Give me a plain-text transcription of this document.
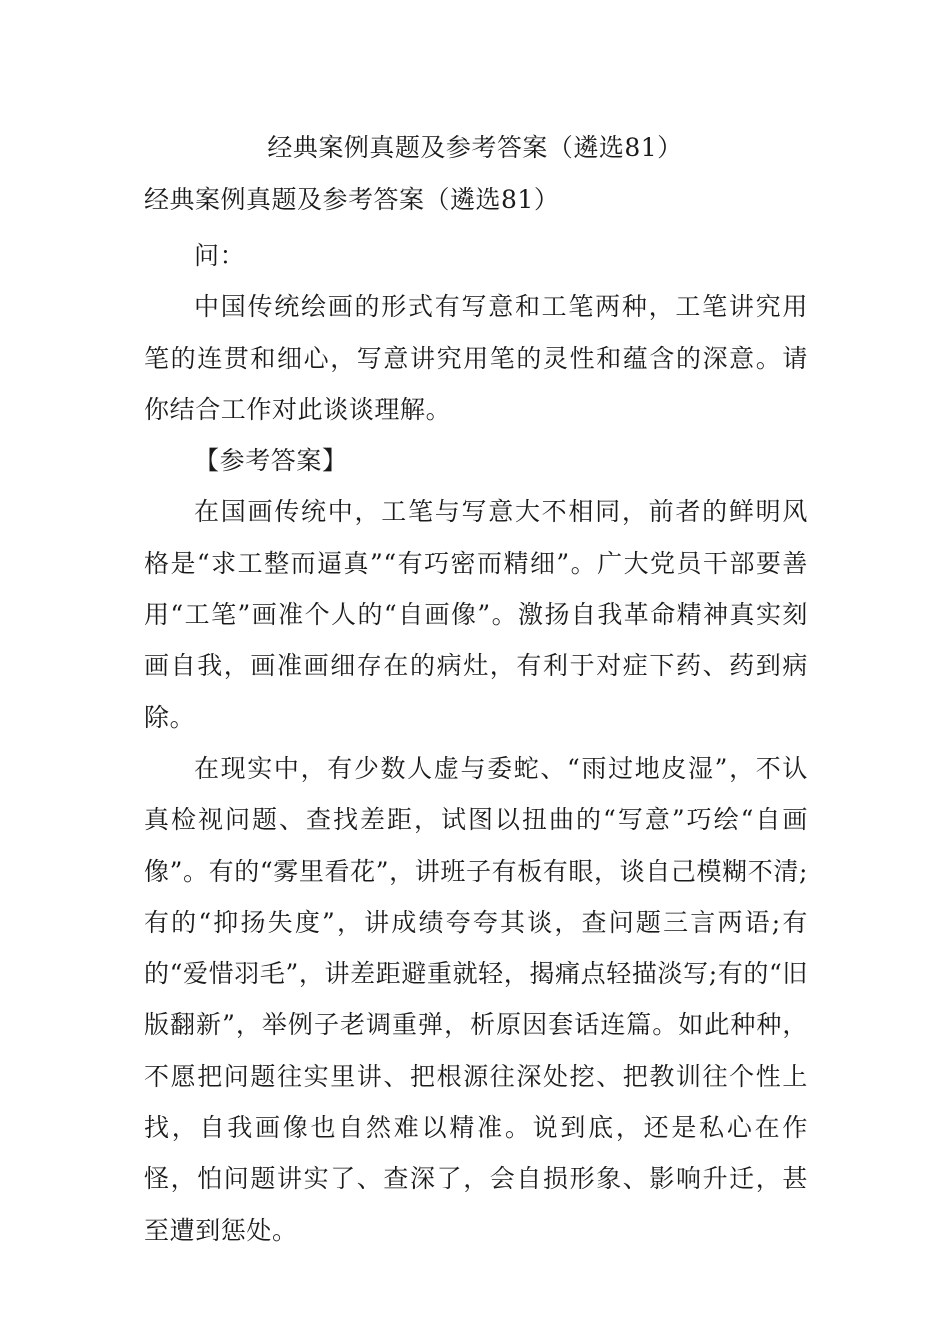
经典案例真题及参考答案（遴选81）
经典案例真题及参考答案（遴选81）

问：

中国传统绘画的形式有写意和工笔两种，工笔讲究用笔的连贯和细心，写意讲究用笔的灵性和蕴含的深意。请你结合工作对此谈谈理解。

【参考答案】

在国画传统中，工笔与写意大不相同，前者的鲜明风格是“求工整而逼真”“有巧密而精细”。广大党员干部要善用“工笔”画准个人的“自画像”。激扬自我革命精神真实刻画自我，画准画细存在的病灶，有利于对症下药、药到病除。

在现实中，有少数人虚与委蛇、“雨过地皮湿”，不认真检视问题、查找差距，试图以扭曲的“写意”巧绘“自画像”。有的“雾里看花”，讲班子有板有眼，谈自己模糊不清;有的“抑扬失度”，讲成绩夸夸其谈，查问题三言两语;有的“爱惜羽毛”，讲差距避重就轻，揭痛点轻描淡写;有的“旧版翻新”，举例子老调重弹，析原因套话连篇。如此种种，不愿把问题往实里讲、把根源往深处挖、把教训往个性上找，自我画像也自然难以精准。说到底，还是私心在作怪，怕问题讲实了、查深了，会自损形象、影响升迁，甚至遭到惩处。
